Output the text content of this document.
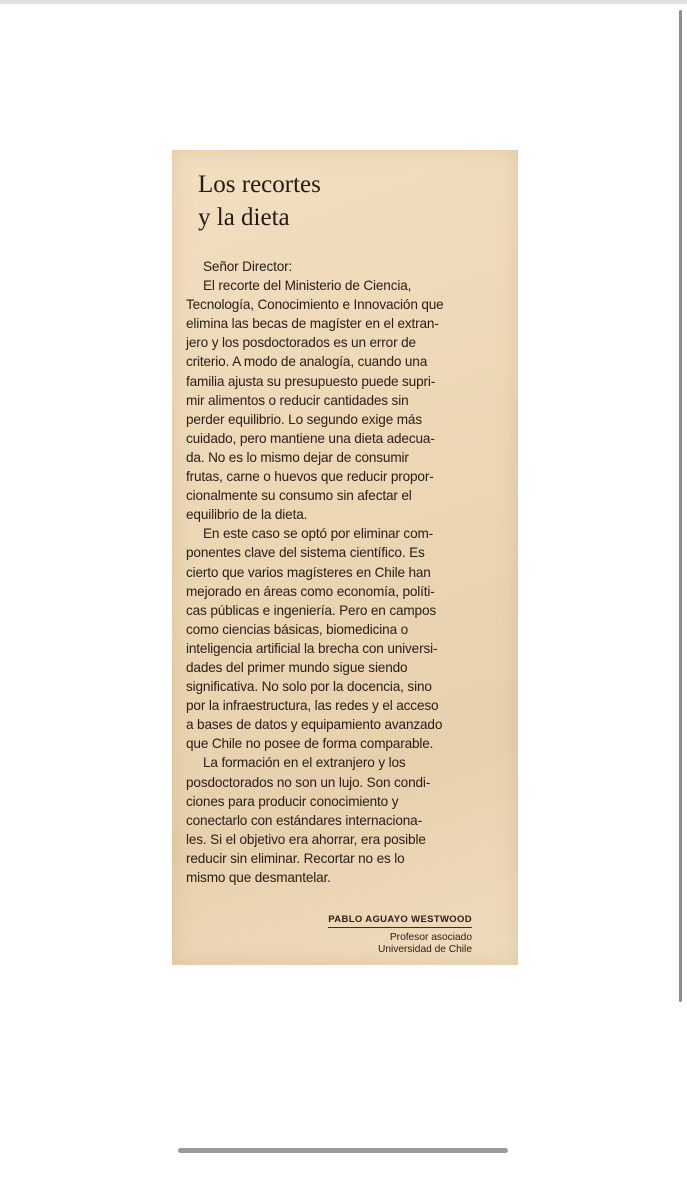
Los recortes
y la dieta

Señor Director:

El recorte del Ministerio de Ciencia,

Tecnología, Conocimiento e Innovación que

elimina las becas de magíster en el extran-

jero y los posdoctorados es un error de

criterio. A modo de analogía, cuando una

familia ajusta su presupuesto puede supri-

mir alimentos o reducir cantidades sin

perder equilibrio. Lo segundo exige más

cuidado, pero mantiene una dieta adecua-

da. No es lo mismo dejar de consumir

frutas, carne o huevos que reducir propor-

cionalmente su consumo sin afectar el

equilibrio de la dieta.

En este caso se optó por eliminar com-

ponentes clave del sistema científico. Es

cierto que varios magísteres en Chile han

mejorado en áreas como economía, políti-

cas públicas e ingeniería. Pero en campos

como ciencias básicas, biomedicina o

inteligencia artificial la brecha con universi-

dades del primer mundo sigue siendo

significativa. No solo por la docencia, sino

por la infraestructura, las redes y el acceso

a bases de datos y equipamiento avanzado

que Chile no posee de forma comparable.

La formación en el extranjero y los

posdoctorados no son un lujo. Son condi-

ciones para producir conocimiento y

conectarlo con estándares internaciona-

les. Si el objetivo era ahorrar, era posible

reducir sin eliminar. Recortar no es lo

mismo que desmantelar.

PABLO AGUAYO WESTWOOD
Profesor asociado
Universidad de Chile
